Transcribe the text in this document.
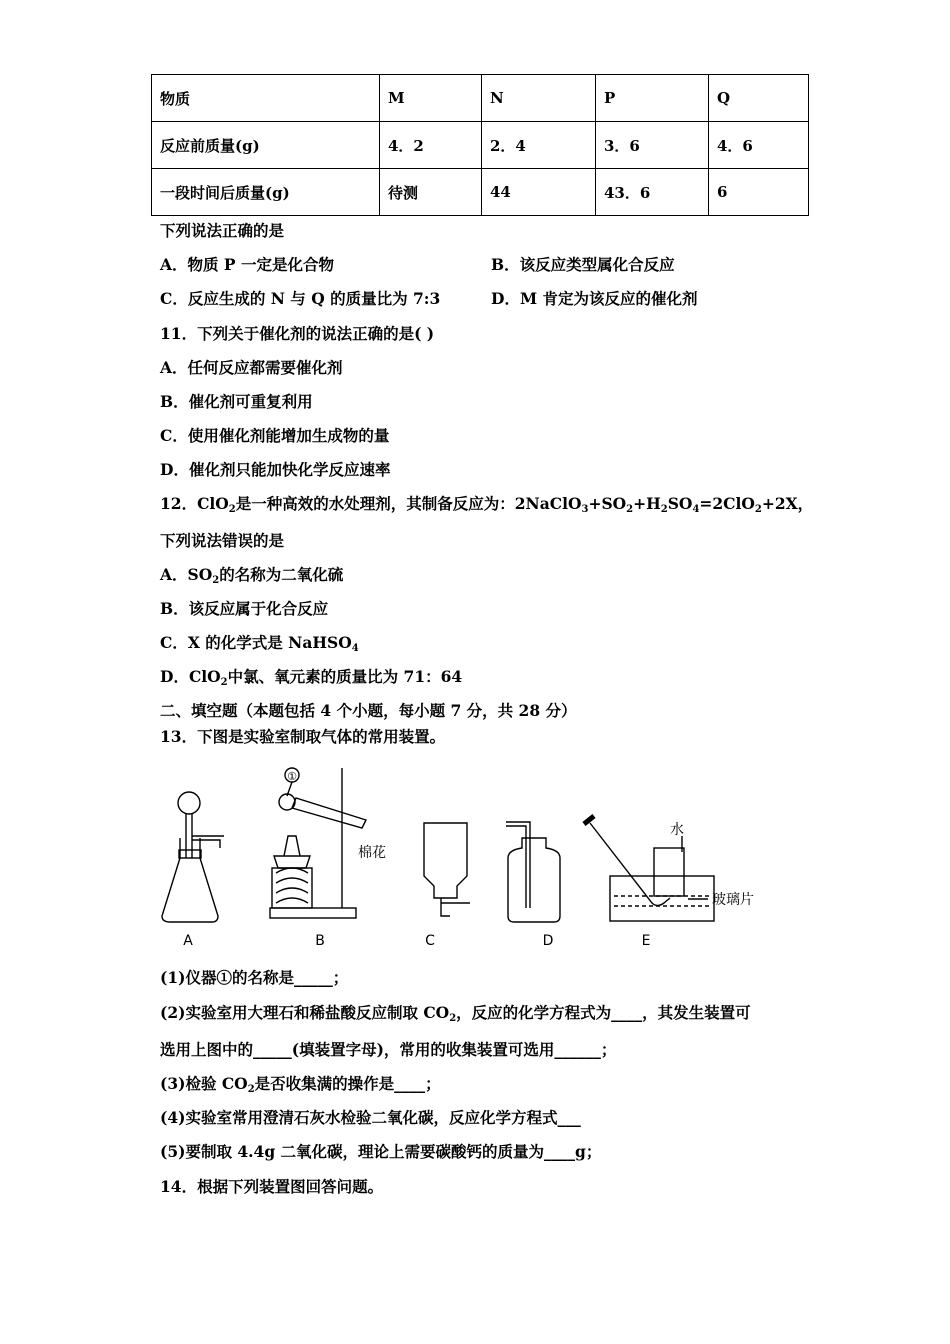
物质	M	N	P	Q
反应前质量(g)	4．2	2．4	3．6	4．6
一段时间后质量(g)	待测	44	43．6	6
下列说法正确的是
A．物质 P 一定是化合物	B．该反应类型属化合反应
C．反应生成的 N 与 Q 的质量比为 7:3	D．M 肯定为该反应的催化剂
11．下列关于催化剂的说法正确的是( )
A．任何反应都需要催化剂
B．催化剂可重复利用
C．使用催化剂能增加生成物的量
D．催化剂只能加快化学反应速率
12．ClO$_2$是一种高效的水处理剂，其制备反应为：$2NaClO_3+SO_2+H_2SO_4=2ClO_2+2X$，
下列说法错误的是
A．$SO_2$的名称为二氧化硫
B．该反应属于化合反应
C．X 的化学式是 NaHSO$_4$
D．ClO$_2$中氯、氧元素的质量比为 71：64
二、填空题（本题包括 4 个小题，每小题 7 分，共 28 分）
13．下图是实验室制取气体的常用装置。
A
①
棉花
B	C	D
水
玻璃片
E
(1)仪器①的名称是_____；
(2)实验室用大理石和稀盐酸反应制取 $CO_2$，反应的化学方程式为____，其发生装置可
选用上图中的_____(填装置字母)，常用的收集装置可选用______；
(3)检验 $CO_2$是否收集满的操作是____；
(4)实验室常用澄清石灰水检验二氧化碳，反应化学方程式___
(5)要制取 4.4g 二氧化碳，理论上需要碳酸钙的质量为____g；
14．根据下列装置图回答问题。
